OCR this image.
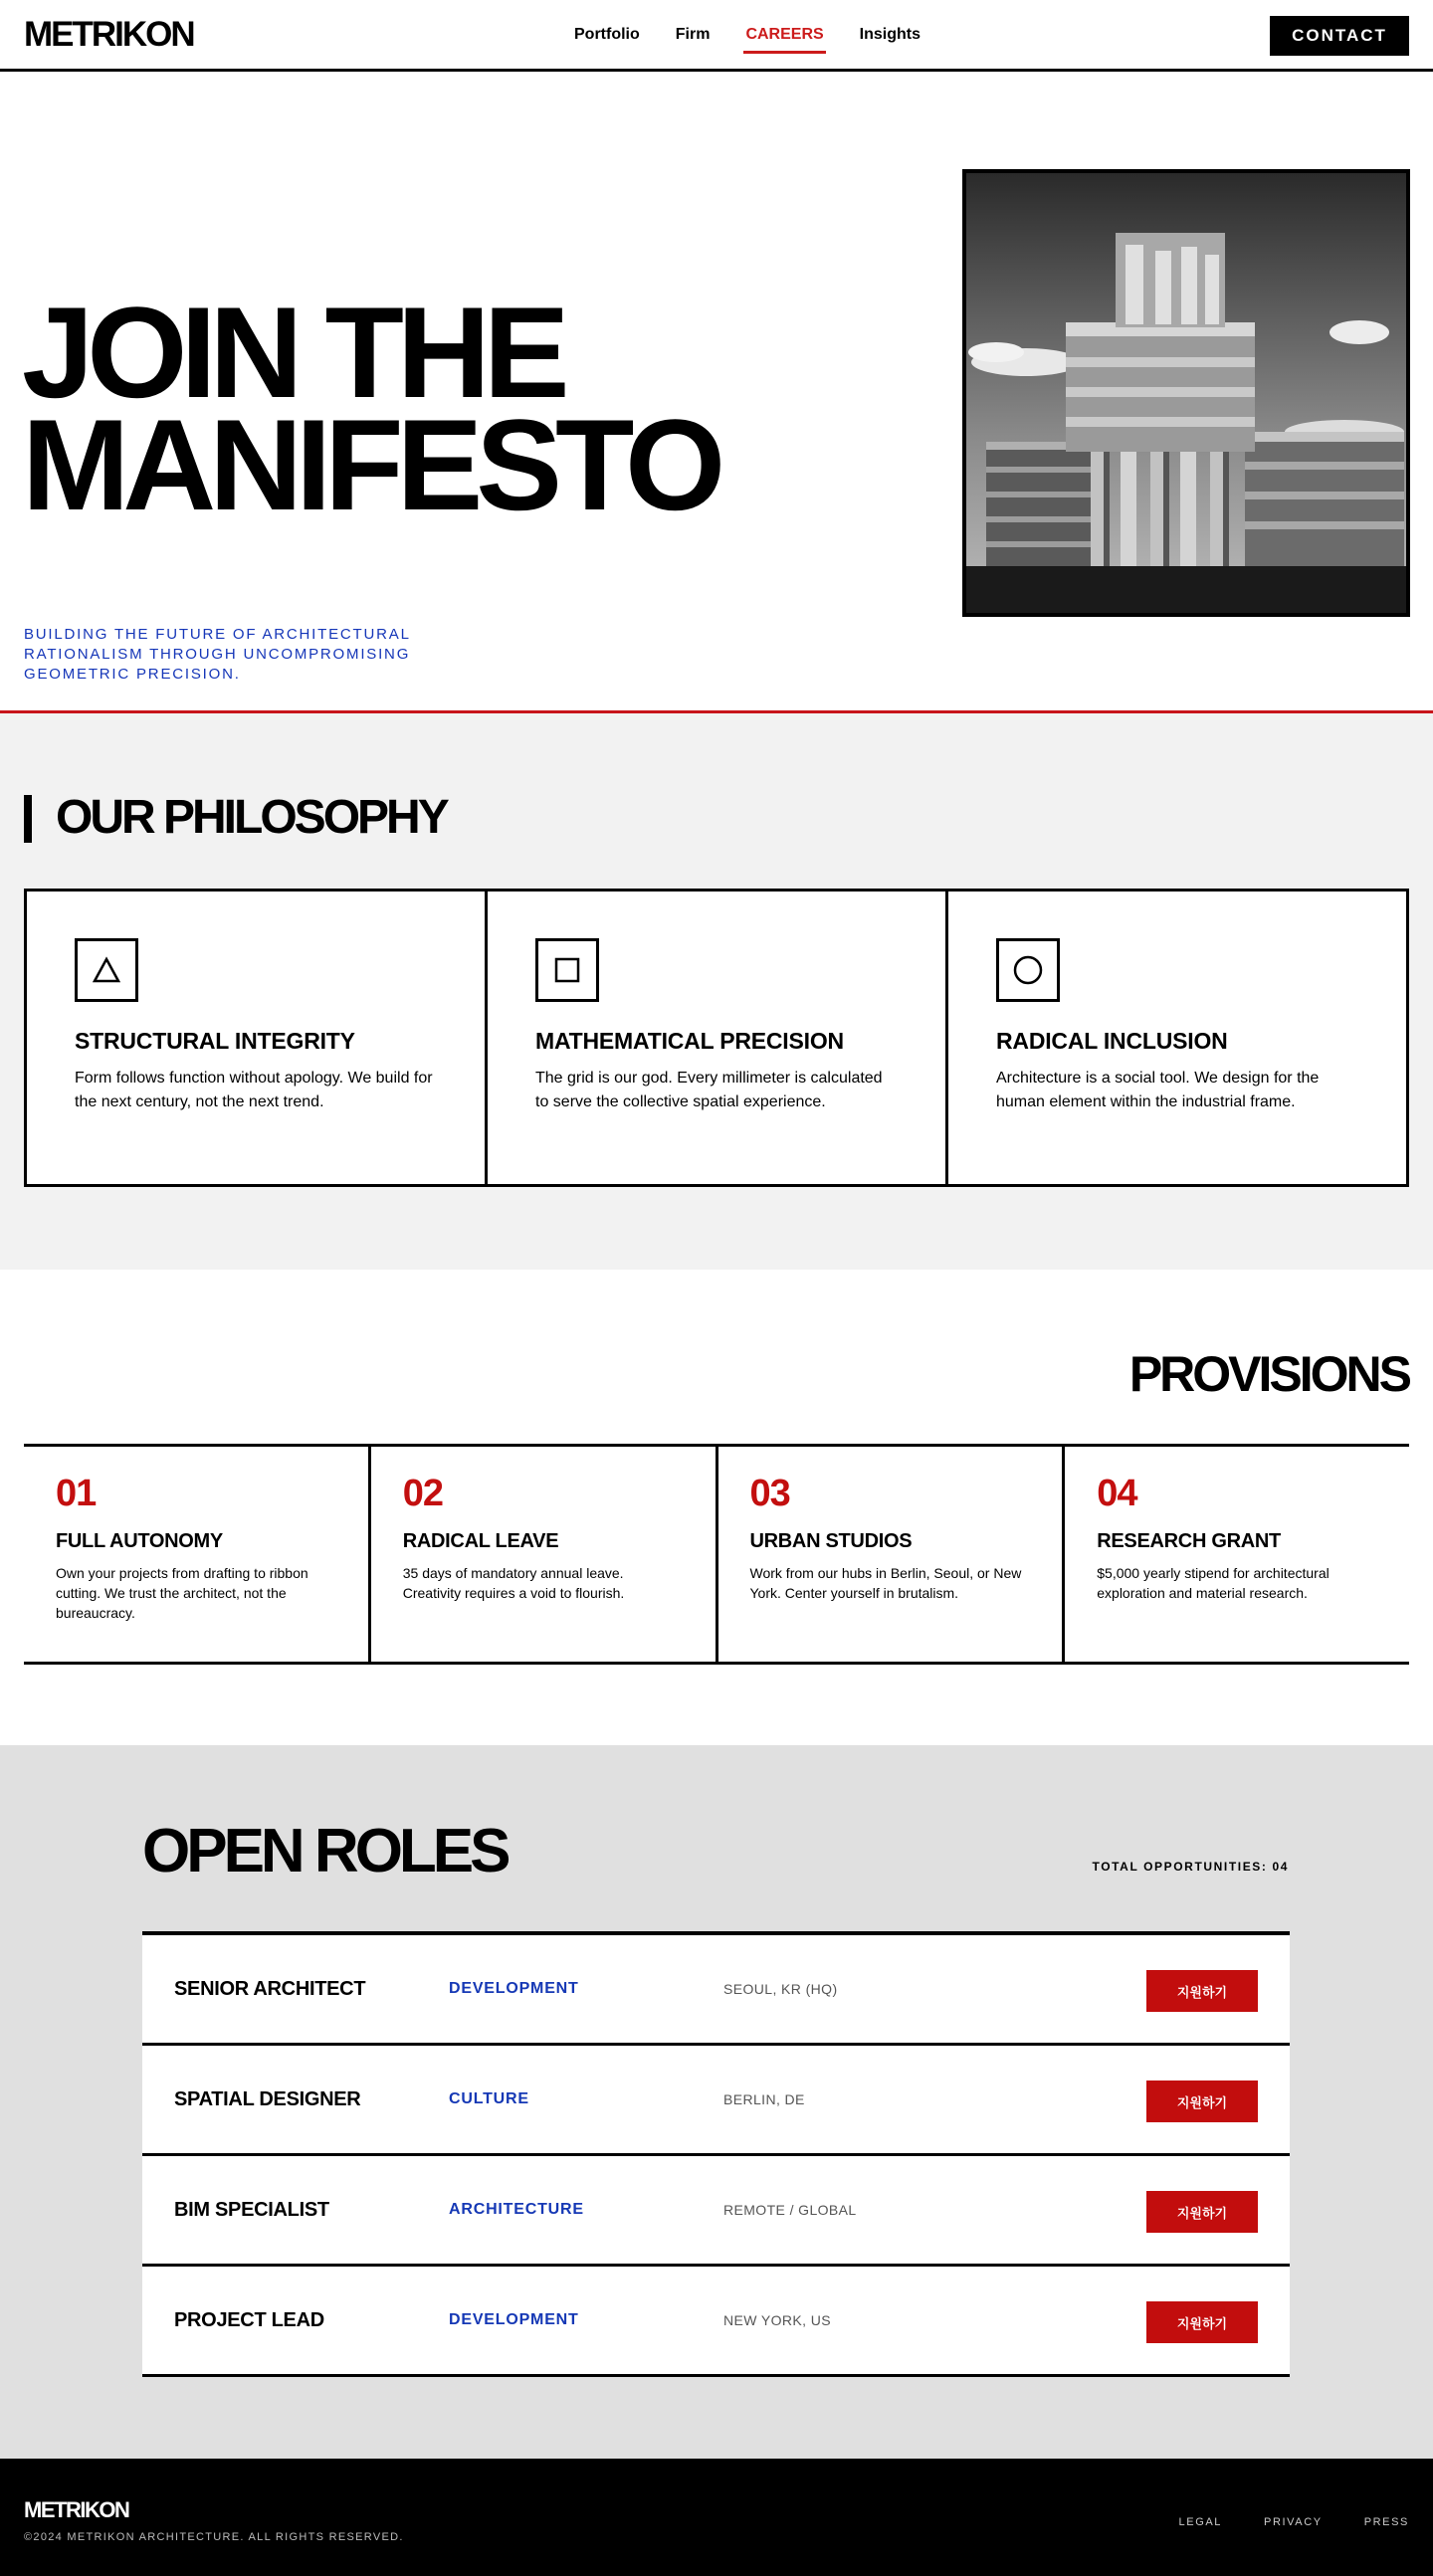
METRIKON	Portfolio Firm CAREERS Insights	CONTACT
JOIN THE
MANIFESTO

BUILDING THE FUTURE OF ARCHITECTURAL RATIONALISM THROUGH UNCOMPROMISING GEOMETRIC PRECISION.

OUR PHILOSOPHY
STRUCTURAL INTEGRITY

Form follows function without apology. We build for the next century, not the next trend.

MATHEMATICAL PRECISION

The grid is our god. Every millimeter is calculated to serve the collective spatial experience.

RADICAL INCLUSION

Architecture is a social tool. We design for the human element within the industrial frame.

PROVISIONS
01
FULL AUTONOMY

Own your projects from drafting to ribbon cutting. We trust the architect, not the bureaucracy.

02
RADICAL LEAVE

35 days of mandatory annual leave. Creativity requires a void to flourish.

03
URBAN STUDIOS

Work from our hubs in Berlin, Seoul, or New York. Center yourself in brutalism.

04
RESEARCH GRANT

$5,000 yearly stipend for architectural exploration and material research.

OPEN ROLES	TOTAL OPPORTUNITIES: 04
SENIOR ARCHITECT	DEVELOPMENT	SEOUL, KR (HQ)	지원하기
SPATIAL DESIGNER	CULTURE	BERLIN, DE	지원하기
BIM SPECIALIST	ARCHITECTURE	REMOTE / GLOBAL	지원하기
PROJECT LEAD	DEVELOPMENT	NEW YORK, US	지원하기
METRIKON
©2024 METRIKON ARCHITECTURE. ALL RIGHTS RESERVED.
LEGAL	PRIVACY	PRESS
